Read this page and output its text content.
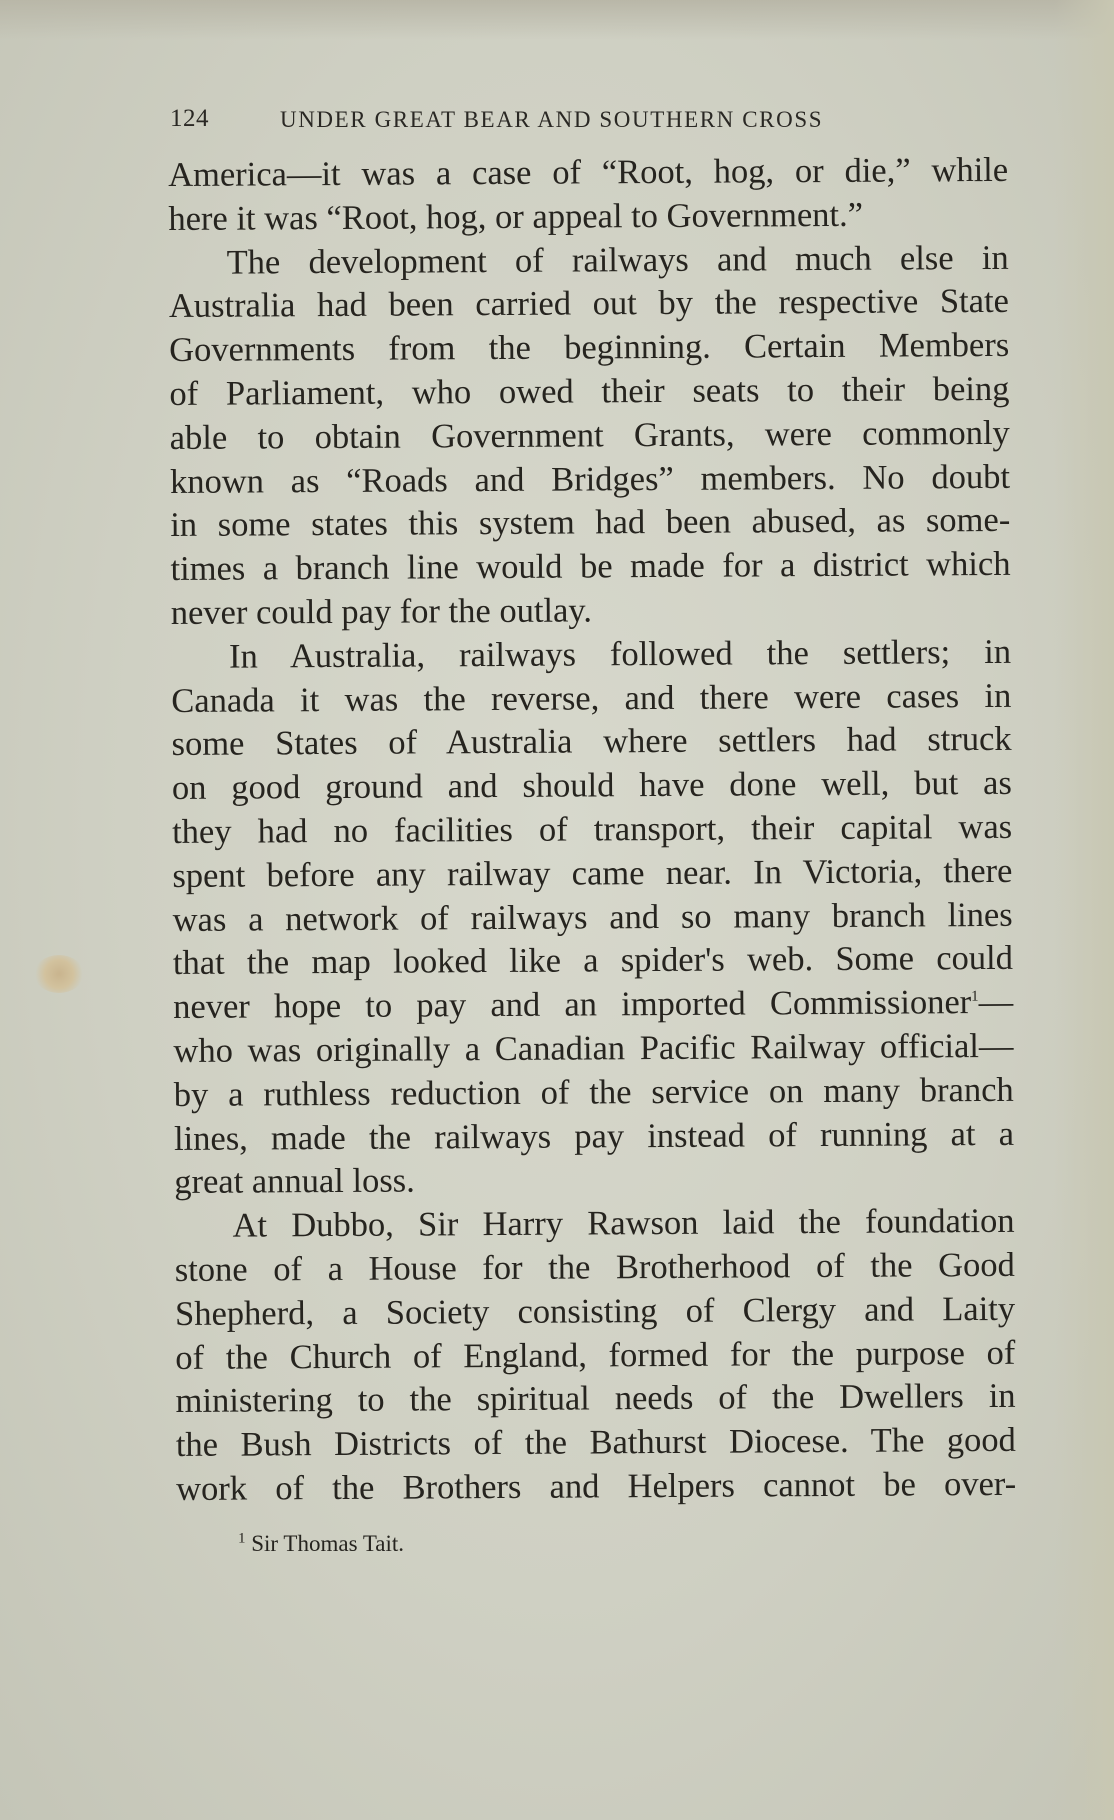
124	UNDER GREAT BEAR AND SOUTHERN CROSS
America—it was a case of “Root, hog, or die,” while
here it was “Root, hog, or appeal to Government.”
The development of railways and much else in
Australia had been carried out by the respective State
Governments from the beginning. Certain Members
of Parliament, who owed their seats to their being
able to obtain Government Grants, were commonly
known as “Roads and Bridges” members. No doubt
in some states this system had been abused, as some-
times a branch line would be made for a district which
never could pay for the outlay.
In Australia, railways followed the settlers; in
Canada it was the reverse, and there were cases in
some States of Australia where settlers had struck
on good ground and should have done well, but as
they had no facilities of transport, their capital was
spent before any railway came near. In Victoria, there
was a network of railways and so many branch lines
that the map looked like a spider's web. Some could
never hope to pay and an imported Commissioner$^1$—
who was originally a Canadian Pacific Railway official—
by a ruthless reduction of the service on many branch
lines, made the railways pay instead of running at a
great annual loss.
At Dubbo, Sir Harry Rawson laid the foundation
stone of a House for the Brotherhood of the Good
Shepherd, a Society consisting of Clergy and Laity
of the Church of England, formed for the purpose of
ministering to the spiritual needs of the Dwellers in
the Bush Districts of the Bathurst Diocese. The good
work of the Brothers and Helpers cannot be over-
$^1$ Sir Thomas Tait.
